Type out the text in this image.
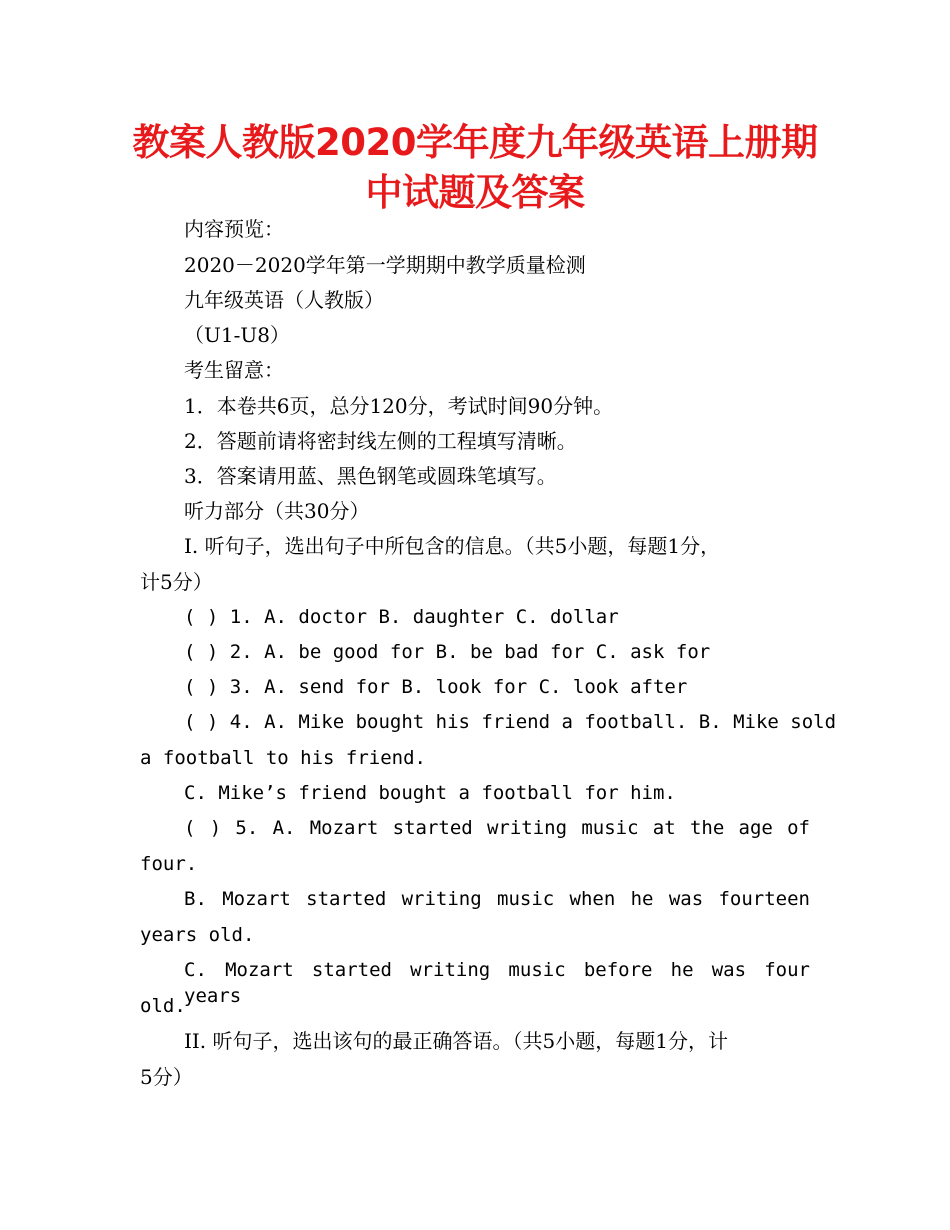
教案人教版2020学年度九年级英语上册期中试题及答案
内容预览：
2020－2020学年第一学期期中教学质量检测
九年级英语（人教版）
（U1-U8）
考生留意：
1．本卷共6页，总分120分，考试时间90分钟。
2．答题前请将密封线左侧的工程填写清晰。
3．答案请用蓝、黑色钢笔或圆珠笔填写。
听力部分（共30分）
I. 听句子，选出句子中所包含的信息。（共5小题，每题1分，
计5分）
( ) 1. A. doctor B. daughter C. dollar
( ) 2. A. be good for B. be bad for C. ask for
( ) 3. A. send for B. look for C. look after
( ) 4. A. Mike bought his friend a football. B. Mike sold
a football to his friend.
C. Mike’s friend bought a football for him.
( ) 5. A. Mozart started writing music at the age of
four.
B. Mozart started writing music when he was fourteen
years old.
C. Mozart started writing music before he was four years
old.
II. 听句子，选出该句的最正确答语。（共5小题，每题1分，计
5分）
